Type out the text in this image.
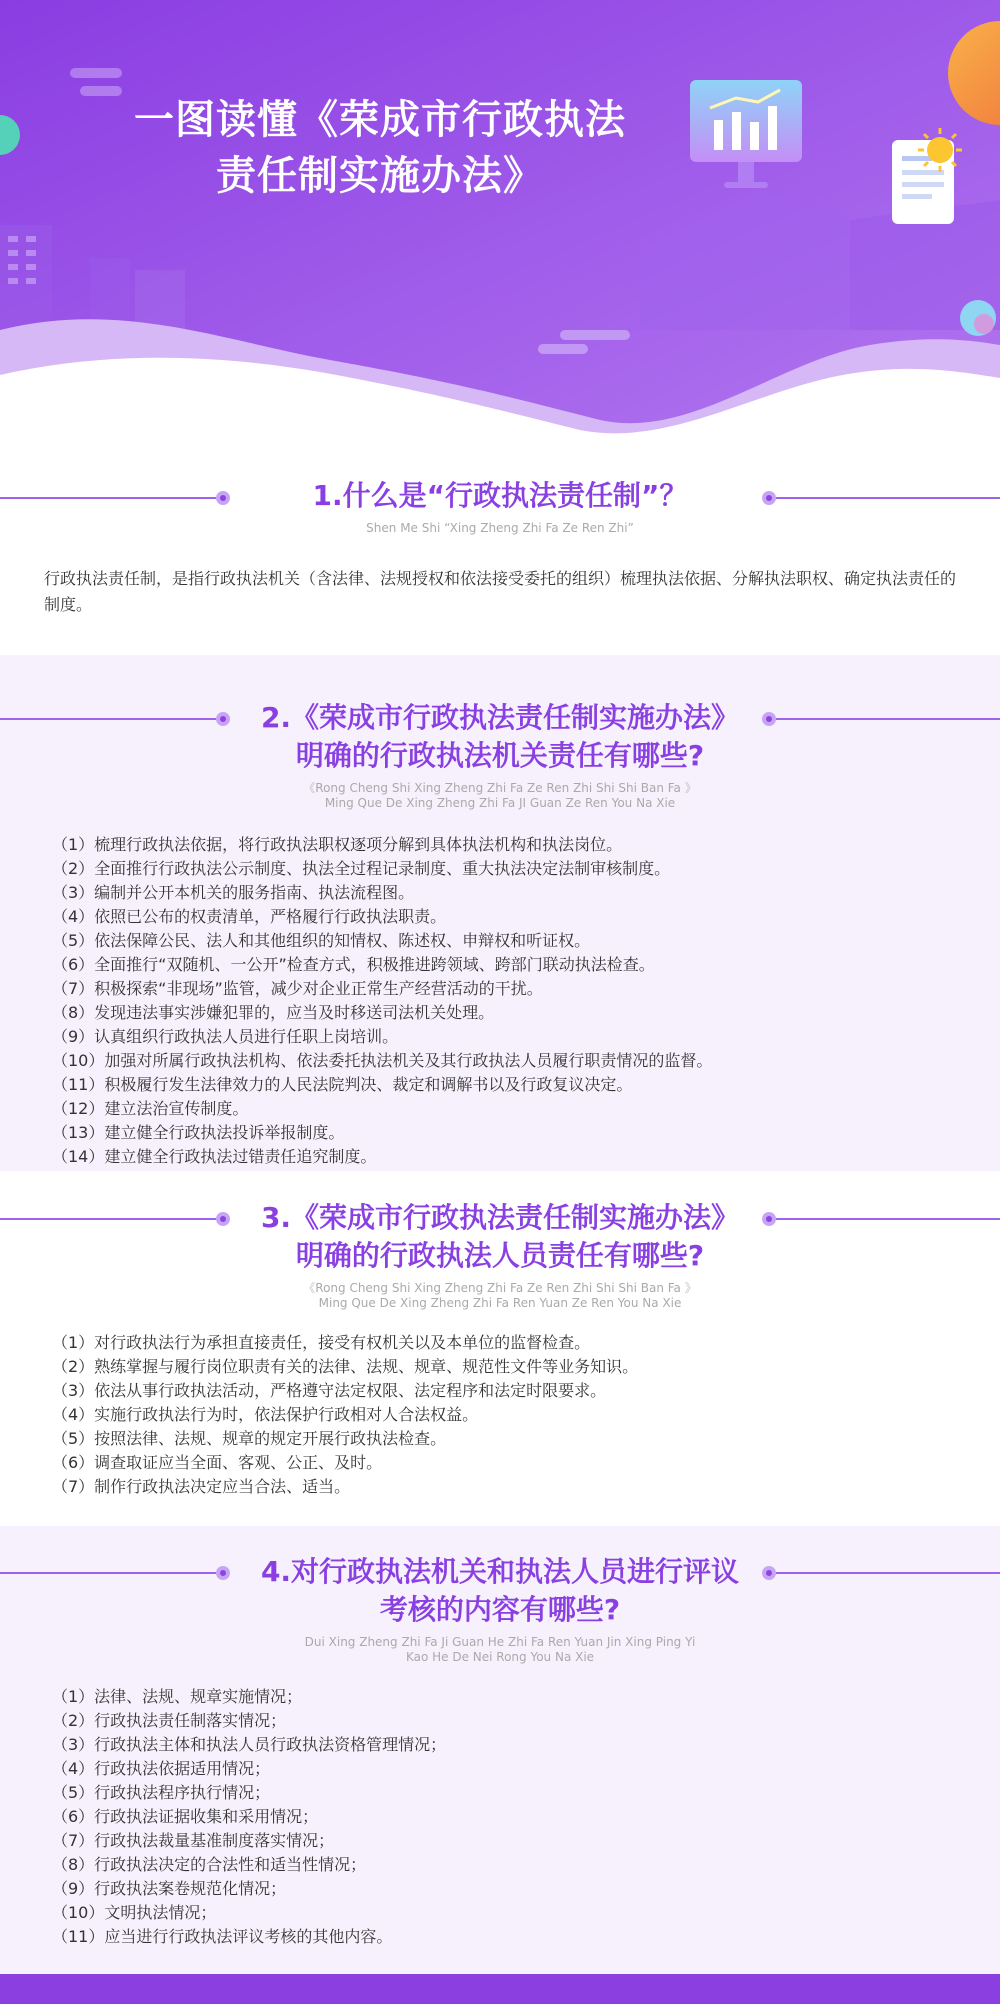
一图读懂《荣成市行政执法
责任制实施办法》
1.什么是“行政执法责任制”？
Shen Me Shi “Xing Zheng Zhi Fa Ze Ren Zhi”
行政执法责任制，是指行政执法机关（含法律、法规授权和依法接受委托的组织）梳理执法依据、分解执法职权、确定执法责任的制度。
2.《荣成市行政执法责任制实施办法》
明确的行政执法机关责任有哪些?
《Rong Cheng Shi Xing Zheng Zhi Fa Ze Ren Zhi Shi Shi Ban Fa 》
Ming Que De Xing Zheng Zhi Fa JI Guan Ze Ren You Na Xie
（1）梳理行政执法依据，将行政执法职权逐项分解到具体执法机构和执法岗位。
（2）全面推行行政执法公示制度、执法全过程记录制度、重大执法决定法制审核制度。
（3）编制并公开本机关的服务指南、执法流程图。
（4）依照已公布的权责清单，严格履行行政执法职责。
（5）依法保障公民、法人和其他组织的知情权、陈述权、申辩权和听证权。
（6）全面推行“双随机、一公开”检查方式，积极推进跨领域、跨部门联动执法检查。
（7）积极探索“非现场”监管，减少对企业正常生产经营活动的干扰。
（8）发现违法事实涉嫌犯罪的，应当及时移送司法机关处理。
（9）认真组织行政执法人员进行任职上岗培训。
（10）加强对所属行政执法机构、依法委托执法机关及其行政执法人员履行职责情况的监督。
（11）积极履行发生法律效力的人民法院判决、裁定和调解书以及行政复议决定。
（12）建立法治宣传制度。
（13）建立健全行政执法投诉举报制度。
（14）建立健全行政执法过错责任追究制度。
3.《荣成市行政执法责任制实施办法》
明确的行政执法人员责任有哪些?
《Rong Cheng Shi Xing Zheng Zhi Fa Ze Ren Zhi Shi Shi Ban Fa 》
Ming Que De Xing Zheng Zhi Fa Ren Yuan Ze Ren You Na Xie
（1）对行政执法行为承担直接责任，接受有权机关以及本单位的监督检查。
（2）熟练掌握与履行岗位职责有关的法律、法规、规章、规范性文件等业务知识。
（3）依法从事行政执法活动，严格遵守法定权限、法定程序和法定时限要求。
（4）实施行政执法行为时，依法保护行政相对人合法权益。
（5）按照法律、法规、规章的规定开展行政执法检查。
（6）调查取证应当全面、客观、公正、及时。
（7）制作行政执法决定应当合法、适当。
4.对行政执法机关和执法人员进行评议
考核的内容有哪些?
Dui Xing Zheng Zhi Fa Ji Guan He Zhi Fa Ren Yuan Jin Xing Ping Yi
Kao He De Nei Rong You Na Xie
（1）法律、法规、规章实施情况；
（2）行政执法责任制落实情况；
（3）行政执法主体和执法人员行政执法资格管理情况；
（4）行政执法依据适用情况；
（5）行政执法程序执行情况；
（6）行政执法证据收集和采用情况；
（7）行政执法裁量基准制度落实情况；
（8）行政执法决定的合法性和适当性情况；
（9）行政执法案卷规范化情况；
（10）文明执法情况；
（11）应当进行行政执法评议考核的其他内容。
